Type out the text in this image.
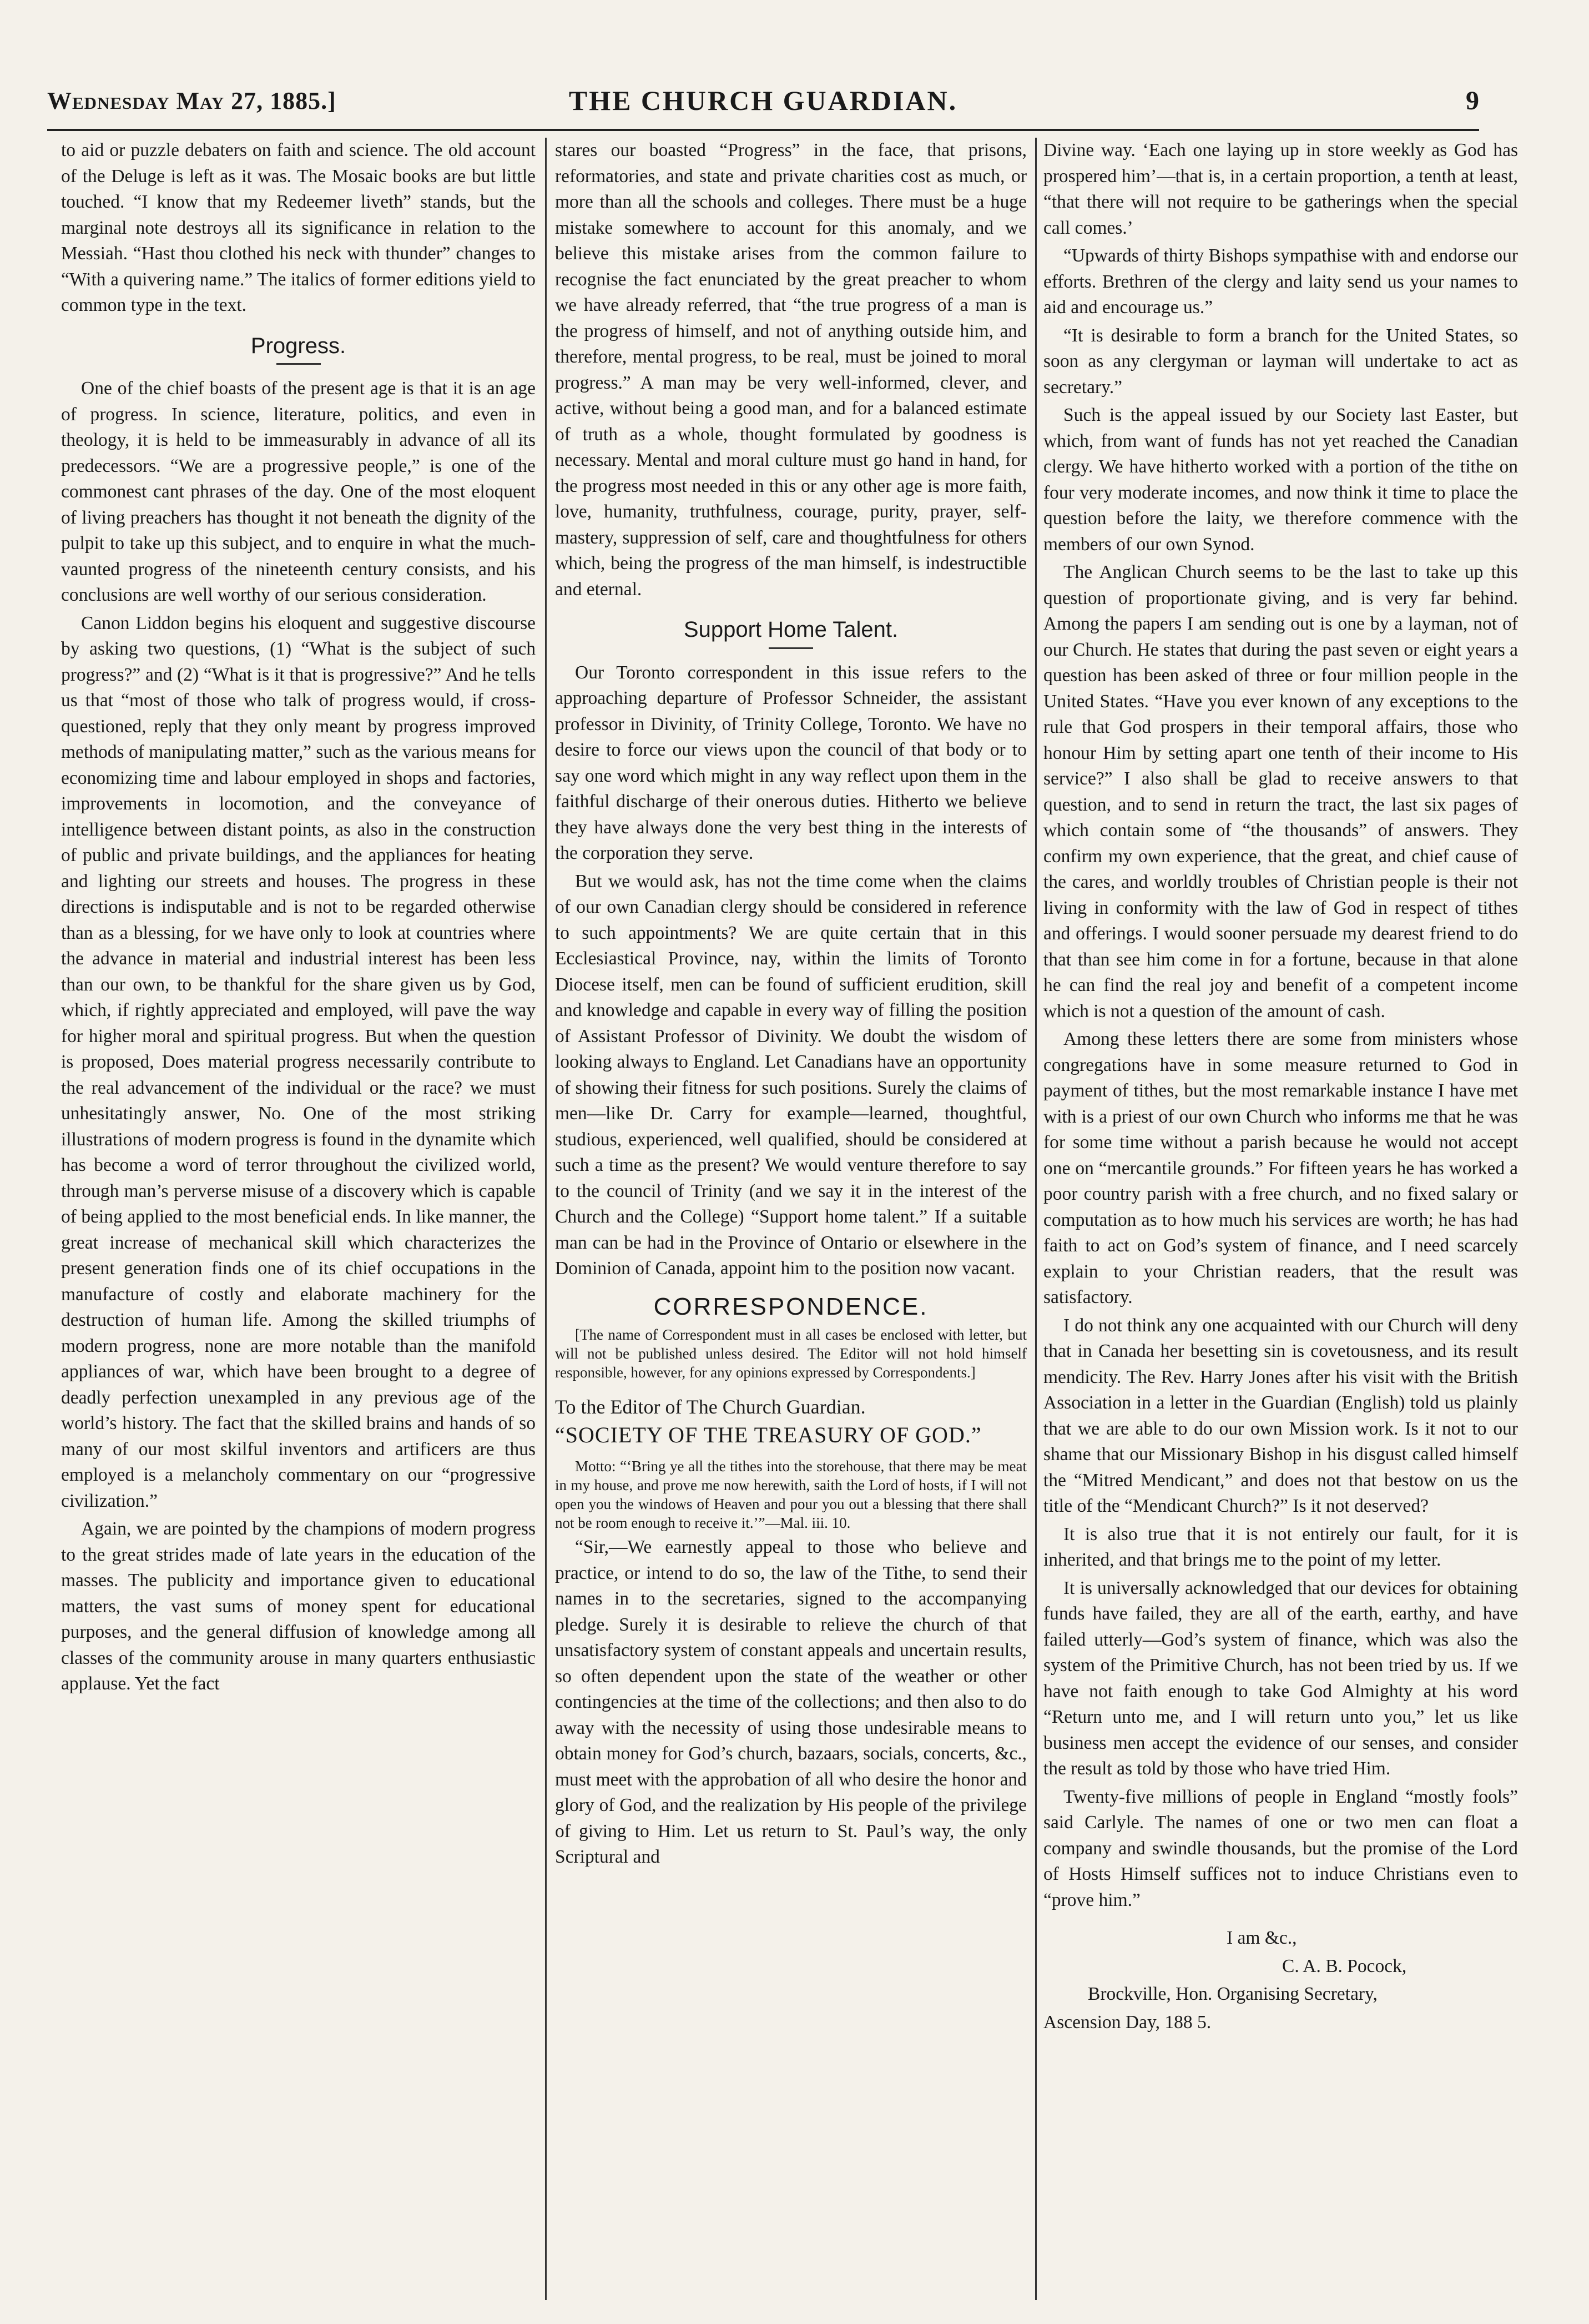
Wednesday May 27, 1885.]	THE CHURCH GUARDIAN.	9

to aid or puzzle debaters on faith and science. The old account of the Deluge is left as it was. The Mosaic books are but little touched. “I know that my Redeemer liveth” stands, but the marginal note destroys all its significance in relation to the Messiah. “Hast thou clothed his neck with thunder” changes to “With a quivering name.” The italics of former editions yield to common type in the text.

Progress.

One of the chief boasts of the present age is that it is an age of progress. In science, literature, politics, and even in theology, it is held to be immeasurably in advance of all its predecessors. “We are a progressive people,” is one of the commonest cant phrases of the day. One of the most eloquent of living preachers has thought it not beneath the dignity of the pulpit to take up this subject, and to enquire in what the much-vaunted progress of the nineteenth century consists, and his conclusions are well worthy of our serious consideration.

Canon Liddon begins his eloquent and suggestive discourse by asking two questions, (1) “What is the subject of such progress?” and (2) “What is it that is progressive?” And he tells us that “most of those who talk of progress would, if cross-questioned, reply that they only meant by progress improved methods of manipulating matter,” such as the various means for economizing time and labour employed in shops and factories, improvements in locomotion, and the conveyance of intelligence between distant points, as also in the construction of public and private buildings, and the appliances for heating and lighting our streets and houses. The progress in these directions is indisputable and is not to be regarded otherwise than as a blessing, for we have only to look at countries where the advance in material and industrial interest has been less than our own, to be thankful for the share given us by God, which, if rightly appreciated and employed, will pave the way for higher moral and spiritual progress. But when the question is proposed, Does material progress necessarily contribute to the real advancement of the individual or the race? we must unhesitatingly answer, No. One of the most striking illustrations of modern progress is found in the dynamite which has become a word of terror throughout the civilized world, through man’s perverse misuse of a discovery which is capable of being applied to the most beneficial ends. In like manner, the great increase of mechanical skill which characterizes the present generation finds one of its chief occupations in the manufacture of costly and elaborate machinery for the destruction of human life. Among the skilled triumphs of modern progress, none are more notable than the manifold appliances of war, which have been brought to a degree of deadly perfection unexampled in any previous age of the world’s history. The fact that the skilled brains and hands of so many of our most skilful inventors and artificers are thus employed is a melancholy commentary on our “progressive civilization.”

Again, we are pointed by the champions of modern progress to the great strides made of late years in the education of the masses. The publicity and importance given to educational matters, the vast sums of money spent for educational purposes, and the general diffusion of knowledge among all classes of the community arouse in many quarters enthusiastic applause. Yet the fact

stares our boasted “Progress” in the face, that prisons, reformatories, and state and private charities cost as much, or more than all the schools and colleges. There must be a huge mistake somewhere to account for this anomaly, and we believe this mistake arises from the common failure to recognise the fact enunciated by the great preacher to whom we have already referred, that “the true progress of a man is the progress of himself, and not of anything outside him, and therefore, mental progress, to be real, must be joined to moral progress.” A man may be very well-informed, clever, and active, without being a good man, and for a balanced estimate of truth as a whole, thought formulated by goodness is necessary. Mental and moral culture must go hand in hand, for the progress most needed in this or any other age is more faith, love, humanity, truthfulness, courage, purity, prayer, self-mastery, suppression of self, care and thoughtfulness for others which, being the progress of the man himself, is indestructible and eternal.

Support Home Talent.

Our Toronto correspondent in this issue refers to the approaching departure of Professor Schneider, the assistant professor in Divinity, of Trinity College, Toronto. We have no desire to force our views upon the council of that body or to say one word which might in any way reflect upon them in the faithful discharge of their onerous duties. Hitherto we believe they have always done the very best thing in the interests of the corporation they serve.

But we would ask, has not the time come when the claims of our own Canadian clergy should be considered in reference to such appointments? We are quite certain that in this Ecclesiastical Province, nay, within the limits of Toronto Diocese itself, men can be found of sufficient erudition, skill and knowledge and capable in every way of filling the position of Assistant Professor of Divinity. We doubt the wisdom of looking always to England. Let Canadians have an opportunity of showing their fitness for such positions. Surely the claims of men—like Dr. Carry for example—learned, thoughtful, studious, experienced, well qualified, should be considered at such a time as the present? We would venture therefore to say to the council of Trinity (and we say it in the interest of the Church and the College) “Support home talent.” If a suitable man can be had in the Province of Ontario or elsewhere in the Dominion of Canada, appoint him to the position now vacant.

CORRESPONDENCE.

[The name of Correspondent must in all cases be enclosed with letter, but will not be published unless desired. The Editor will not hold himself responsible, however, for any opinions expressed by Correspondents.]

To the Editor of The Church Guardian.

“SOCIETY OF THE TREASURY OF GOD.”

Motto: “‘Bring ye all the tithes into the storehouse, that there may be meat in my house, and prove me now herewith, saith the Lord of hosts, if I will not open you the windows of Heaven and pour you out a blessing that there shall not be room enough to receive it.’”—Mal. iii. 10.

“Sir,—We earnestly appeal to those who believe and practice, or intend to do so, the law of the Tithe, to send their names in to the secretaries, signed to the accompanying pledge. Surely it is desirable to relieve the church of that unsatisfactory system of constant appeals and uncertain results, so often dependent upon the state of the weather or other contingencies at the time of the collections; and then also to do away with the necessity of using those undesirable means to obtain money for God’s church, bazaars, socials, concerts, &c., must meet with the approbation of all who desire the honor and glory of God, and the realization by His people of the privilege of giving to Him. Let us return to St. Paul’s way, the only Scriptural and

Divine way. ‘Each one laying up in store weekly as God has prospered him’—that is, in a certain proportion, a tenth at least, “that there will not require to be gatherings when the special call comes.’

“Upwards of thirty Bishops sympathise with and endorse our efforts. Brethren of the clergy and laity send us your names to aid and encourage us.”

“It is desirable to form a branch for the United States, so soon as any clergyman or layman will undertake to act as secretary.”

Such is the appeal issued by our Society last Easter, but which, from want of funds has not yet reached the Canadian clergy. We have hitherto worked with a portion of the tithe on four very moderate incomes, and now think it time to place the question before the laity, we therefore commence with the members of our own Synod.

The Anglican Church seems to be the last to take up this question of proportionate giving, and is very far behind. Among the papers I am sending out is one by a layman, not of our Church. He states that during the past seven or eight years a question has been asked of three or four million people in the United States. “Have you ever known of any exceptions to the rule that God prospers in their temporal affairs, those who honour Him by setting apart one tenth of their income to His service?” I also shall be glad to receive answers to that question, and to send in return the tract, the last six pages of which contain some of “the thousands” of answers. They confirm my own experience, that the great, and chief cause of the cares, and worldly troubles of Christian people is their not living in conformity with the law of God in respect of tithes and offerings. I would sooner persuade my dearest friend to do that than see him come in for a fortune, because in that alone he can find the real joy and benefit of a competent income which is not a question of the amount of cash.

Among these letters there are some from ministers whose congregations have in some measure returned to God in payment of tithes, but the most remarkable instance I have met with is a priest of our own Church who informs me that he was for some time without a parish because he would not accept one on “mercantile grounds.” For fifteen years he has worked a poor country parish with a free church, and no fixed salary or computation as to how much his services are worth; he has had faith to act on God’s system of finance, and I need scarcely explain to your Christian readers, that the result was satisfactory.

I do not think any one acquainted with our Church will deny that in Canada her besetting sin is covetousness, and its result mendicity. The Rev. Harry Jones after his visit with the British Association in a letter in the Guardian (English) told us plainly that we are able to do our own Mission work. Is it not to our shame that our Missionary Bishop in his disgust called himself the “Mitred Mendicant,” and does not that bestow on us the title of the “Mendicant Church?” Is it not deserved?

It is also true that it is not entirely our fault, for it is inherited, and that brings me to the point of my letter.

It is universally acknowledged that our devices for obtaining funds have failed, they are all of the earth, earthy, and have failed utterly—God’s system of finance, which was also the system of the Primitive Church, has not been tried by us. If we have not faith enough to take God Almighty at his word “Return unto me, and I will return unto you,” let us like business men accept the evidence of our senses, and consider the result as told by those who have tried Him.

Twenty-five millions of people in England “mostly fools” said Carlyle. The names of one or two men can float a company and swindle thousands, but the promise of the Lord of Hosts Himself suffices not to induce Christians even to “prove him.”

I am &c.,

C. A. B. Pocock,

Brockville, Hon. Organising Secretary,

Ascension Day, 188 5.
